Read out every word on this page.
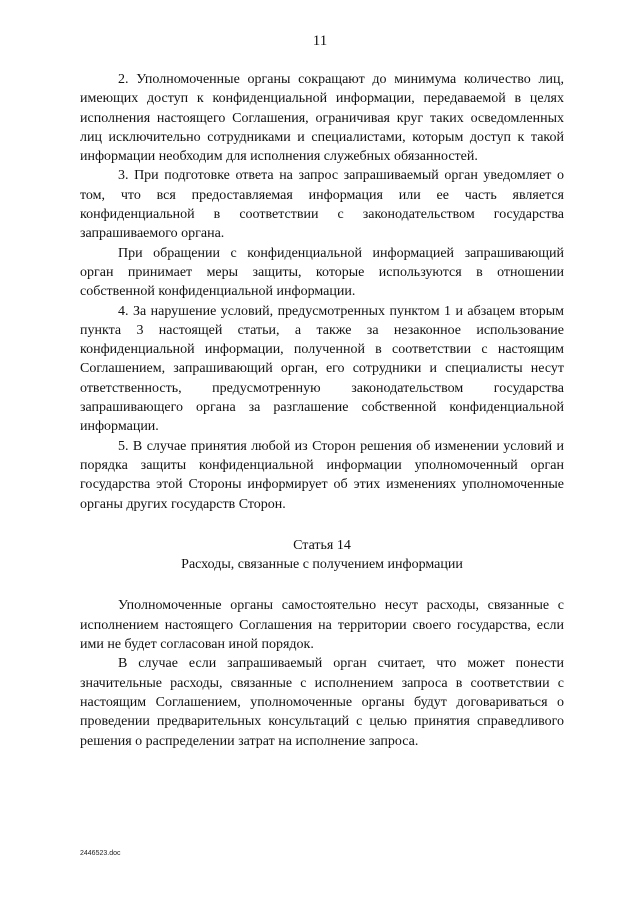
11

2. Уполномоченные органы сокращают до минимума количество лиц, имеющих доступ к конфиденциальной информации, передаваемой в целях исполнения настоящего Соглашения, ограничивая круг таких осведомленных лиц исключительно сотрудниками и специалистами, которым доступ к такой информации необходим для исполнения служебных обязанностей.

3. При подготовке ответа на запрос запрашиваемый орган уведомляет о том, что вся предоставляемая информация или ее часть является конфиденциальной в соответствии с законодательством государства запрашиваемого органа.

При обращении с конфиденциальной информацией запрашивающий орган принимает меры защиты, которые используются в отношении собственной конфиденциальной информации.

4. За нарушение условий, предусмотренных пунктом 1 и абзацем вторым пункта 3 настоящей статьи, а также за незаконное использование конфиденциальной информации, полученной в соответствии с настоящим Соглашением, запрашивающий орган, его сотрудники и специалисты несут ответственность, предусмотренную законодательством государства запрашивающего органа за разглашение собственной конфиденциальной информации.

5. В случае принятия любой из Сторон решения об изменении условий и порядка защиты конфиденциальной информации уполномоченный орган государства этой Стороны информирует об этих изменениях уполномоченные органы других государств Сторон.

Статья 14
Расходы, связанные с получением информации

Уполномоченные органы самостоятельно несут расходы, связанные с исполнением настоящего Соглашения на территории своего государства, если ими не будет согласован иной порядок.

В случае если запрашиваемый орган считает, что может понести значительные расходы, связанные с исполнением запроса в соответствии с настоящим Соглашением, уполномоченные органы будут договариваться о проведении предварительных консультаций с целью принятия справедливого решения о распределении затрат на исполнение запроса.

2446523.doc
